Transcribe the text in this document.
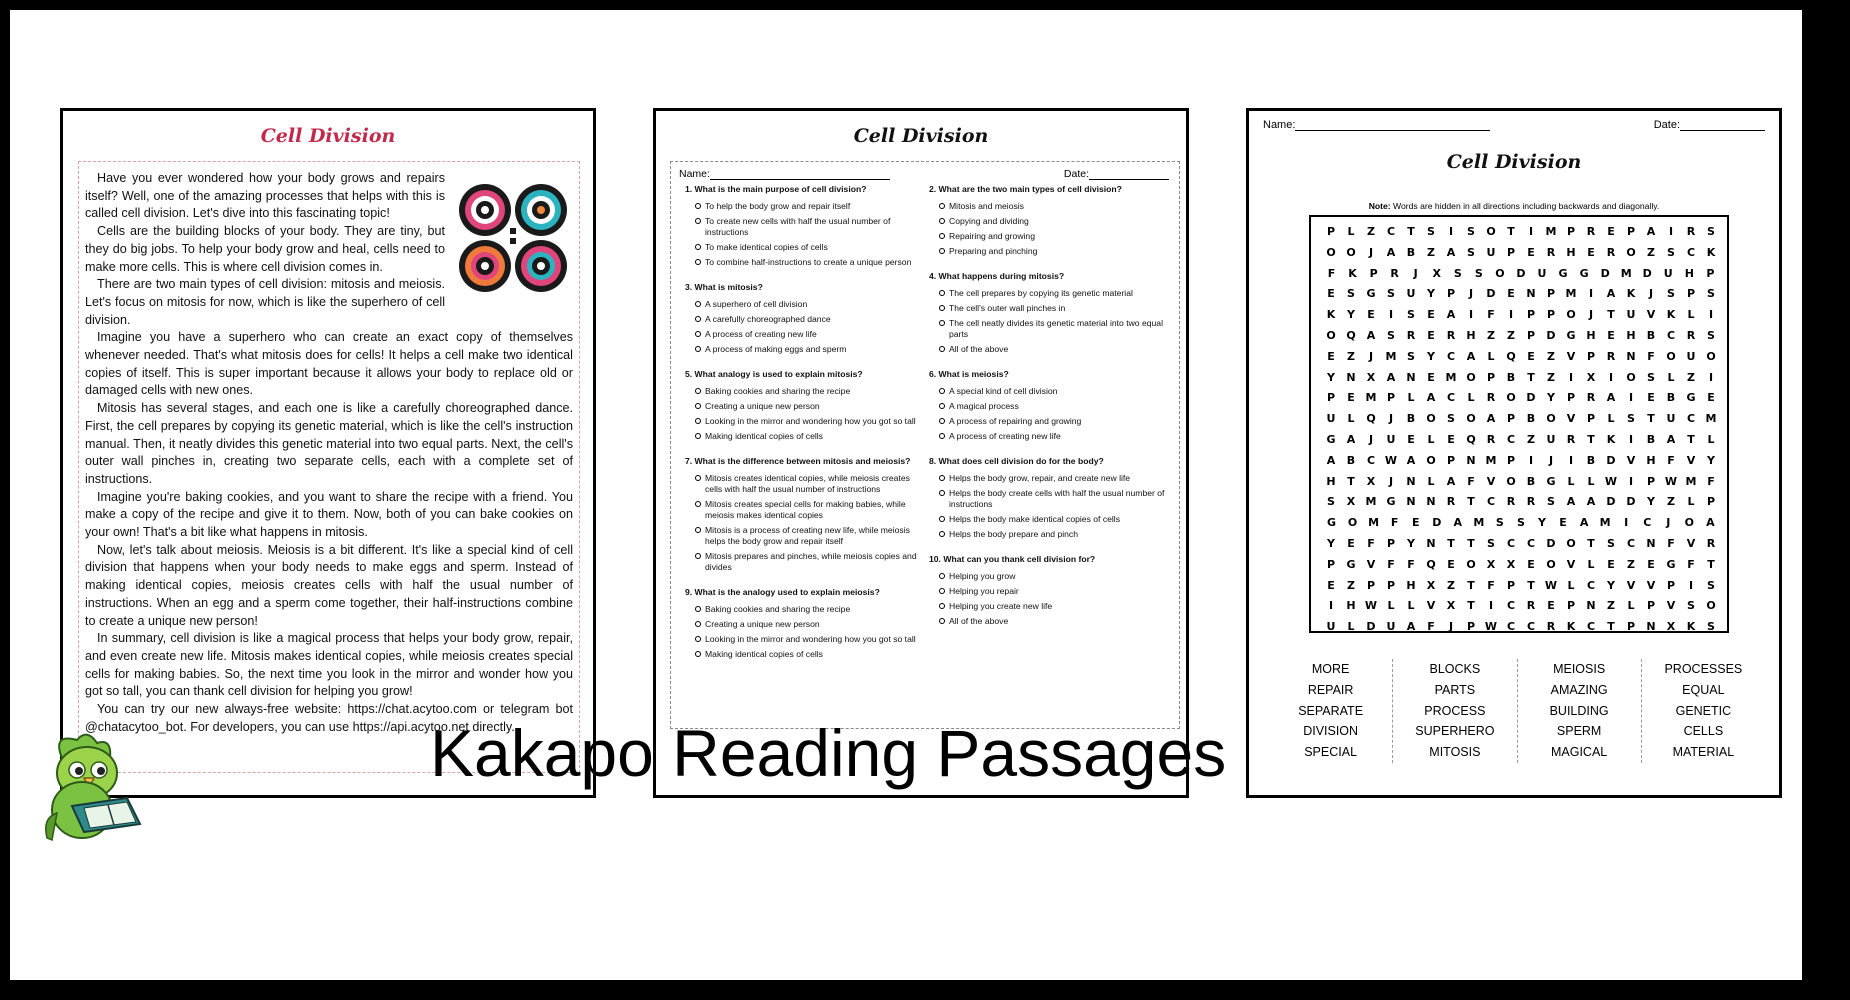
Cell Division

Have you ever wondered how your body grows and repairs itself? Well, one of the amazing processes that helps with this is called cell division. Let's dive into this fascinating topic!

Cells are the building blocks of your body. They are tiny, but they do big jobs. To help your body grow and heal, cells need to make more cells. This is where cell division comes in.

There are two main types of cell division: mitosis and meiosis. Let's focus on mitosis for now, which is like the superhero of cell division.

Imagine you have a superhero who can create an exact copy of themselves whenever needed. That's what mitosis does for cells! It helps a cell make two identical copies of itself. This is super important because it allows your body to replace old or damaged cells with new ones.

Mitosis has several stages, and each one is like a carefully choreographed dance. First, the cell prepares by copying its genetic material, which is like the cell's instruction manual. Then, it neatly divides this genetic material into two equal parts. Next, the cell's outer wall pinches in, creating two separate cells, each with a complete set of instructions.

Imagine you're baking cookies, and you want to share the recipe with a friend. You make a copy of the recipe and give it to them. Now, both of you can bake cookies on your own! That's a bit like what happens in mitosis.

Now, let's talk about meiosis. Meiosis is a bit different. It's like a special kind of cell division that happens when your body needs to make eggs and sperm. Instead of making identical copies, meiosis creates cells with half the usual number of instructions. When an egg and a sperm come together, their half-instructions combine to create a unique new person!

In summary, cell division is like a magical process that helps your body grow, repair, and even create new life. Mitosis makes identical copies, while meiosis creates special cells for making babies. So, the next time you look in the mirror and wonder how you got so tall, you can thank cell division for helping you grow!

You can try our new always-free website: https://chat.acytoo.com or telegram bot @chatacytoo_bot. For developers, you can use https://api.acytoo.net directly.

Cell Division
Name:	Date:
1. What is the main purpose of cell division?
To help the body grow and repair itself
To create new cells with half the usual number of instructions
To make identical copies of cells
To combine half-instructions to create a unique person
3. What is mitosis?
A superhero of cell division
A carefully choreographed dance
A process of creating new life
A process of making eggs and sperm
5. What analogy is used to explain mitosis?
Baking cookies and sharing the recipe
Creating a unique new person
Looking in the mirror and wondering how you got so tall
Making identical copies of cells
7. What is the difference between mitosis and meiosis?
Mitosis creates identical copies, while meiosis creates cells with half the usual number of instructions
Mitosis creates special cells for making babies, while meiosis makes identical copies
Mitosis is a process of creating new life, while meiosis helps the body grow and repair itself
Mitosis prepares and pinches, while meiosis copies and divides
9. What is the analogy used to explain meiosis?
Baking cookies and sharing the recipe
Creating a unique new person
Looking in the mirror and wondering how you got so tall
Making identical copies of cells
2. What are the two main types of cell division?
Mitosis and meiosis
Copying and dividing
Repairing and growing
Preparing and pinching
4. What happens during mitosis?
The cell prepares by copying its genetic material
The cell's outer wall pinches in
The cell neatly divides its genetic material into two equal parts
All of the above
6. What is meiosis?
A special kind of cell division
A magical process
A process of repairing and growing
A process of creating new life
8. What does cell division do for the body?
Helps the body grow, repair, and create new life
Helps the body create cells with half the usual number of instructions
Helps the body make identical copies of cells
Helps the body prepare and pinch
10. What can you thank cell division for?
Helping you grow
Helping you repair
Helping you create new life
All of the above
Name:	Date:
Cell Division
Note: Words are hidden in all directions including backwards and diagonally.
P	L	Z	C	T	S	I	S	O	T	I	M P	R	E	P	A	I	R	S
O O	J	A	B	Z	A	S	U	P	E	R	H	E	R	O	Z	S	C	K
F	K	P	R	J	X	S	S	O	D	U	G	G	D	M	D	U	H	P
E	S	G	S	U	Y	P	J	D	E	N	P M	I	A	K	J	S	P	S
K	Y	E	I	S	E	A	I	F	I	P	P	O	J	T	U	V	K	L	I
O Q	A	S	R	E	R	H	Z	Z	P	D G H	E	H	B	C	R	S
E	Z	J	M S	Y	C	A	L	Q	E	Z	V	P	R	N	F	O U O
Y	N	X	A	N	E M O	P	B	T	Z	I	X	I	O	S	L	Z	I
P	E M P	L	A	C	L	R	O D	Y	P	R	A	I	E	B	G	E
U	L	Q	J	B	O	S	O	A	P	B	O	V	P	L	S	T	U	C M
G	A	J	U	E	L	E	Q	R	C	Z	U	R	T	K	I	B	A	T	L
A	B	C W A	O	P	N M P	I	J	I	B	D	V	H	F	V	Y
H	T	X	J	N	L	A	F	V	O	B	G	L	L W	I	P W M F
S	X M G N N	R	T	C	R	R	S	A	A	D D	Y	Z	L	P
G	O M	F	E	D	A	M	S	S	Y	E	A	M	I	C	J	O	A
Y	E	F	P	Y	N	T	T	S	C	C	D O	T	S	C	N	F	V	R
P	G	V	F	F	Q	E	O	X	X	E	O	V	L	E	Z	E	G	F	T
E	Z	P	P	H	X	Z	T	F	P	T W L	C	Y	V	V	P	I	S
I	H W L	L	V	X	T	I	C	R	E	P	N	Z	L	P	V	S	O
U	L	D U	A	F	J	P W C	C	R	K	C	T	P	N	X	K	S
MORE
REPAIR
SEPARATE
DIVISION
SPECIAL
BLOCKS
PARTS
PROCESS
SUPERHERO
MITOSIS
MEIOSIS
AMAZING
BUILDING
SPERM
MAGICAL
PROCESSES
EQUAL
GENETIC
CELLS
MATERIAL
Kakapo Reading Passages
